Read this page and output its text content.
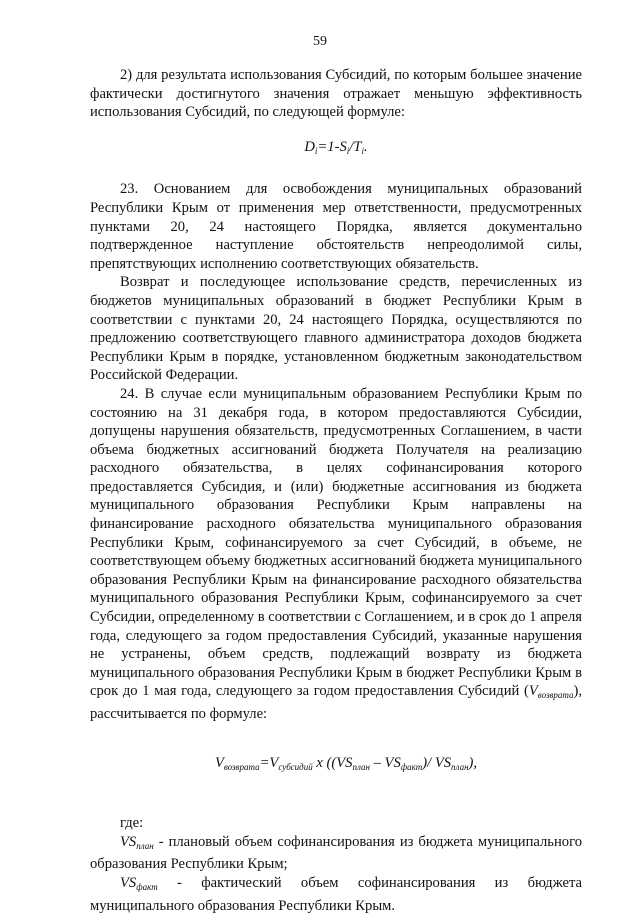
59

2) для результата использования Субсидий, по которым большее значение фактически достигнутого значения отражает меньшую эффективность использования Субсидий, по следующей формуле:

$D_i=1-S_i/T_i$.

23. Основанием для освобождения муниципальных образований Республики Крым от применения мер ответственности, предусмотренных пунктами 20, 24 настоящего Порядка, является документально подтвержденное наступление обстоятельств непреодолимой силы, препятствующих исполнению соответствующих обязательств.

Возврат и последующее использование средств, перечисленных из бюджетов муниципальных образований в бюджет Республики Крым в соответствии с пунктами 20, 24 настоящего Порядка, осуществляются по предложению соответствующего главного администратора доходов бюджета Республики Крым в порядке, установленном бюджетным законодательством Российской Федерации.

24. В случае если муниципальным образованием Республики Крым по состоянию на 31 декабря года, в котором предоставляются Субсидии, допущены нарушения обязательств, предусмотренных Соглашением, в части объема бюджетных ассигнований бюджета Получателя на реализацию расходного обязательства, в целях софинансирования которого предоставляется Субсидия, и (или) бюджетные ассигнования из бюджета муниципального образования Республики Крым направлены на финансирование расходного обязательства муниципального образования Республики Крым, софинансируемого за счет Субсидий, в объеме, не соответствующем объему бюджетных ассигнований бюджета муниципального образования Республики Крым на финансирование расходного обязательства муниципального образования Республики Крым, софинансируемого за счет Субсидии, определенному в соответствии с Соглашением, и в срок до 1 апреля года, следующего за годом предоставления Субсидий, указанные нарушения не устранены, объем средств, подлежащий возврату из бюджета муниципального образования Республики Крым в бюджет Республики Крым в срок до 1 мая года, следующего за годом предоставления Субсидий $(V_{возврата})$, рассчитывается по формуле:

$V_{возврата}=V_{субсидий}$ x ($(VS_{план} - VS_{факт})/$ $VS_{план}$),

где:

$VS_{план}$ - плановый объем софинансирования из бюджета муниципального образования Республики Крым;

$VS_{факт}$ - фактический объем софинансирования из бюджета муниципального образования Республики Крым.
